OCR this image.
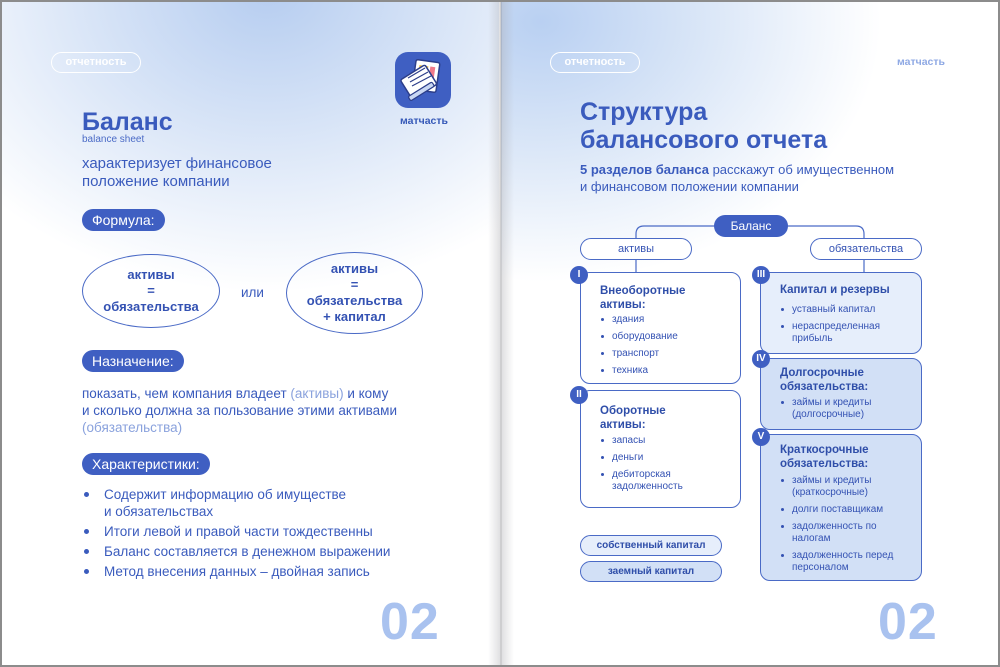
отчетность
матчасть
Баланс
balance sheet
характеризует финансовое
положение компании
Формула:
активы
=
обязательства
или
активы
=
обязательства
+ капитал
Назначение:
показать, чем компания владеет (активы) и кому
и сколько должна за пользование этими активами
(обязательства)
Характеристики:
Содержит информацию об имуществе
и обязательствах
Итоги левой и правой части тождественны
Баланс составляется в денежном выражении
Метод внесения данных – двойная запись
02
отчетность	матчасть
Структура
балансового отчета
5 разделов баланса расскажут об имущественном
и финансовом положении компании
Баланс
активы	обязательства
Внеоборотные
активы:
здания
оборудование
транспорт
техника
I
Оборотные
активы:
запасы
деньги
дебиторская
задолженность
II
Капитал и резервы
уставный капитал
нераспределенная
прибыль
III
Долгосрочные
обязательства:
займы и кредиты
(долгосрочные)
IV
Краткосрочные
обязательства:
займы и кредиты
(краткосрочные)
долги поставщикам
задолженность по
налогам
задолженность перед
персоналом
V
собственный капитал
заемный капитал
02
